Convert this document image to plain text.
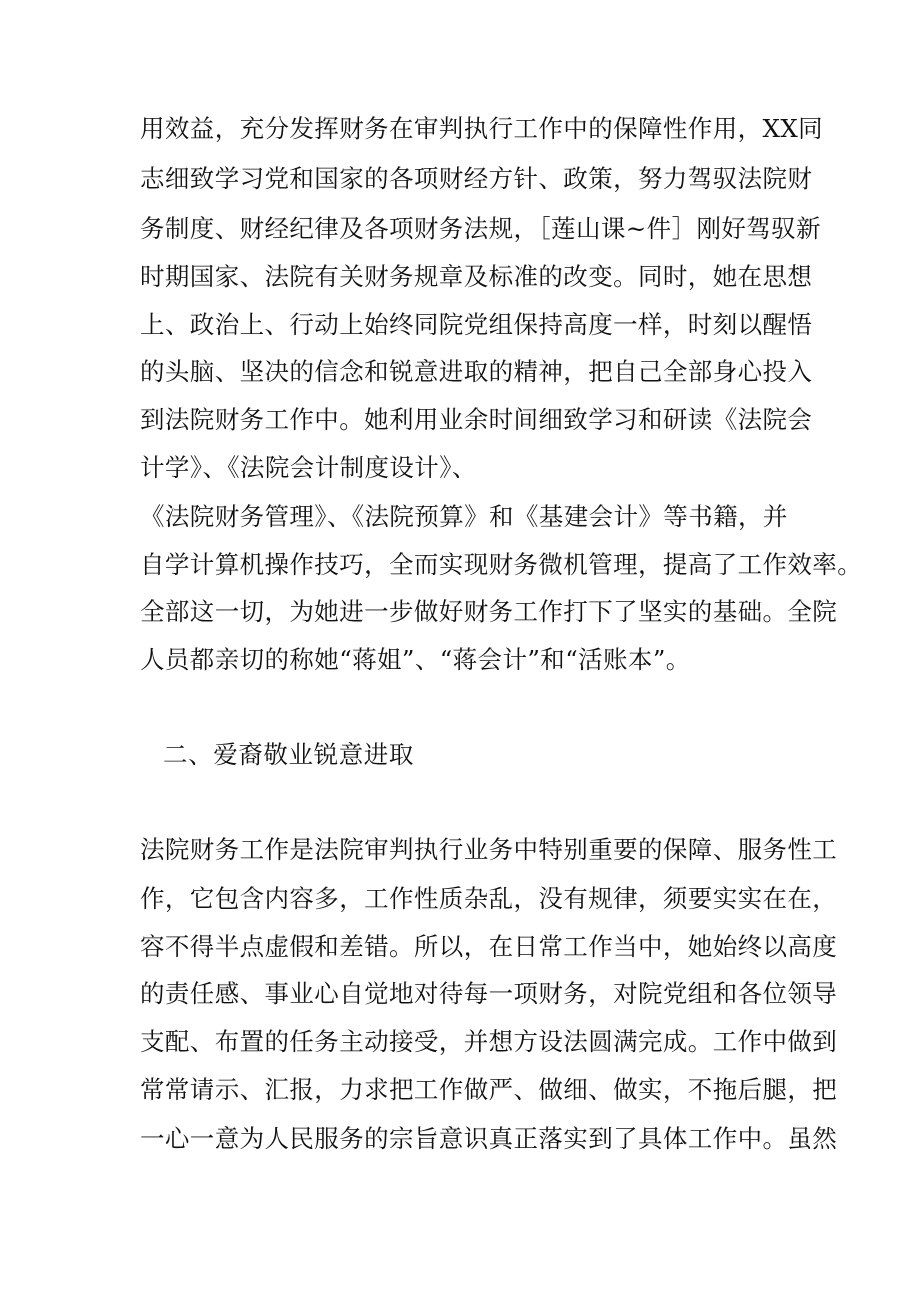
用效益，充分发挥财务在审判执行工作中的保障性作用，XX同
志细致学习党和国家的各项财经方针、政策，努力驾驭法院财
务制度、财经纪律及各项财务法规，［莲山课~件］刚好驾驭新
时期国家、法院有关财务规章及标准的改变。同时，她在思想
上、政治上、行动上始终同院党组保持高度一样，时刻以醒悟
的头脑、坚决的信念和锐意进取的精神，把自己全部身心投入
到法院财务工作中。她利用业余时间细致学习和研读《法院会
计学》、《法院会计制度设计》、
《法院财务管理》、《法院预算》和《基建会计》等书籍，并
自学计算机操作技巧，全而实现财务微机管理，提高了工作效率。
全部这一切，为她进一步做好财务工作打下了坚实的基础。全院
人员都亲切的称她“蒋姐”、“蒋会计”和“活账本”。
二、爱裔敬业锐意进取
法院财务工作是法院审判执行业务中特别重要的保障、服务性工
作，它包含内容多，工作性质杂乱，没有规律，须要实实在在，
容不得半点虚假和差错。所以，在日常工作当中，她始终以高度
的责任感、事业心自觉地对待每一项财务，对院党组和各位领导
支配、布置的任务主动接受，并想方设法圆满完成。工作中做到
常常请示、汇报，力求把工作做严、做细、做实，不拖后腿，把
一心一意为人民服务的宗旨意识真正落实到了具体工作中。虽然
